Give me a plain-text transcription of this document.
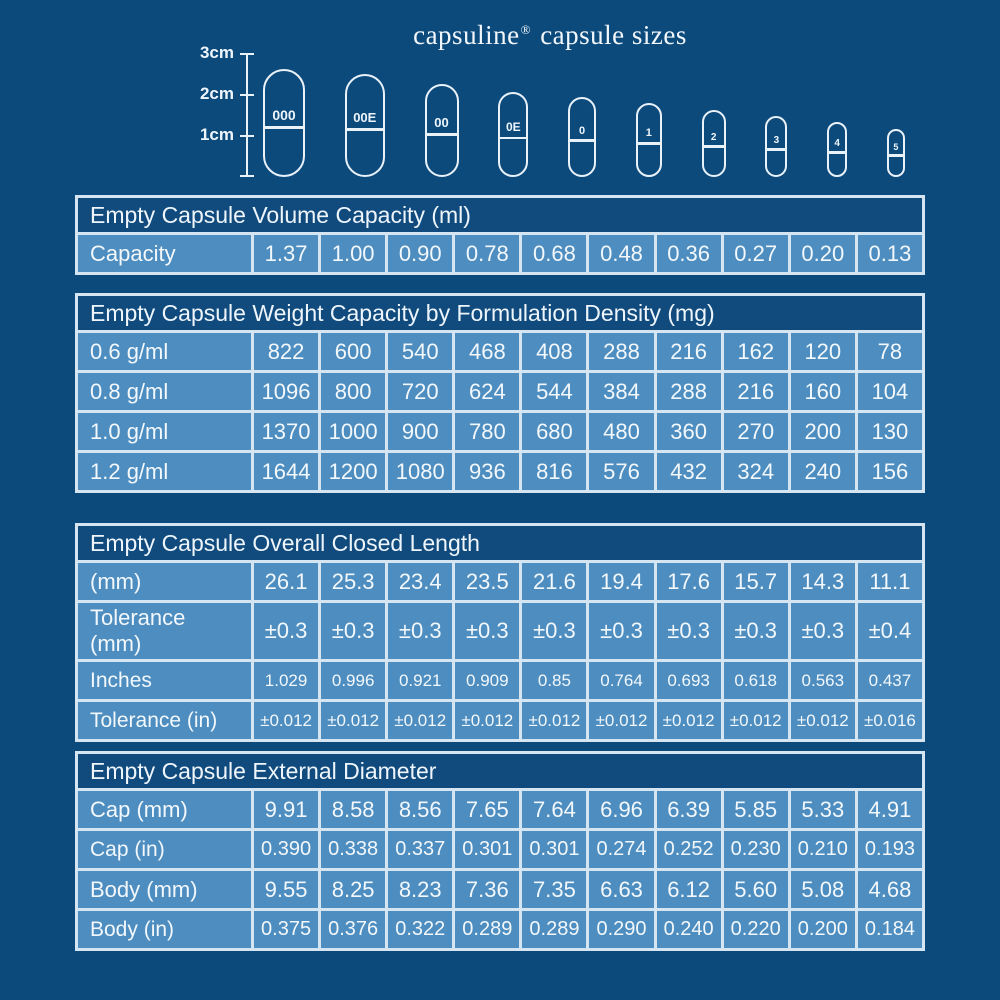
capsuline® capsule sizes
3cm
2cm
1cm
000	00E	00	0E	0	1	2	3	4	5
Empty Capsule Volume Capacity (ml)
Capacity	1.37	1.00	0.90	0.78	0.68	0.48	0.36	0.27	0.20	0.13
Empty Capsule Weight Capacity by Formulation Density (mg)										
0.6 g/ml	822	600	540	468	408	288	216	162	120	78
0.8 g/ml	1096	800	720	624	544	384	288	216	160	104
1.0 g/ml	1370	1000	900	780	680	480	360	270	200	130
1.2 g/ml	1644	1200	1080	936	816	576	432	324	240	156
Empty Capsule Overall Closed Length										
(mm)	26.1	25.3	23.4	23.5	21.6	19.4	17.6	15.7	14.3	11.1
Tolerance (mm)	±0.3	±0.3	±0.3	±0.3	±0.3	±0.3	±0.3	±0.3	±0.3	±0.4
Inches	1.029	0.996	0.921	0.909	0.85	0.764	0.693	0.618	0.563	0.437
Tolerance (in)	±0.012	±0.012	±0.012	±0.012	±0.012	±0.012	±0.012	±0.012	±0.012	±0.016
Empty Capsule External Diameter										
Cap (mm)	9.91	8.58	8.56	7.65	7.64	6.96	6.39	5.85	5.33	4.91
Cap (in)	0.390	0.338	0.337	0.301	0.301	0.274	0.252	0.230	0.210	0.193
Body (mm)	9.55	8.25	8.23	7.36	7.35	6.63	6.12	5.60	5.08	4.68
Body (in)	0.375	0.376	0.322	0.289	0.289	0.290	0.240	0.220	0.200	0.184
